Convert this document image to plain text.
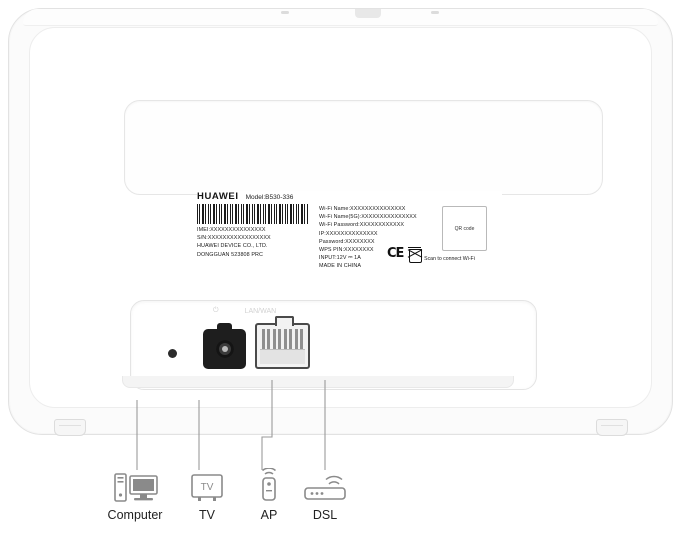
HUAWEI Model:B530-336
IMEI:XXXXXXXXXXXXXXX
S/N:XXXXXXXXXXXXXXXXX
HUAWEI DEVICE CO., LTD.
DONGGUAN 523808 PRC
Wi-Fi Name:XXXXXXXXXXXXXXX
Wi-Fi Name(5G):XXXXXXXXXXXXXXX
Wi-Fi Password:XXXXXXXXXXXX
IP:XXXXXXXXXXXXXX
Password:XXXXXXXX
WPS PIN:XXXXXXXX
INPUT:12V ⎓ 1A
MADE IN CHINA
QR code
Scan to connect Wi-Fi
CE
⏻	LAN/WAN
Computer
TV
TV	AP	DSL
